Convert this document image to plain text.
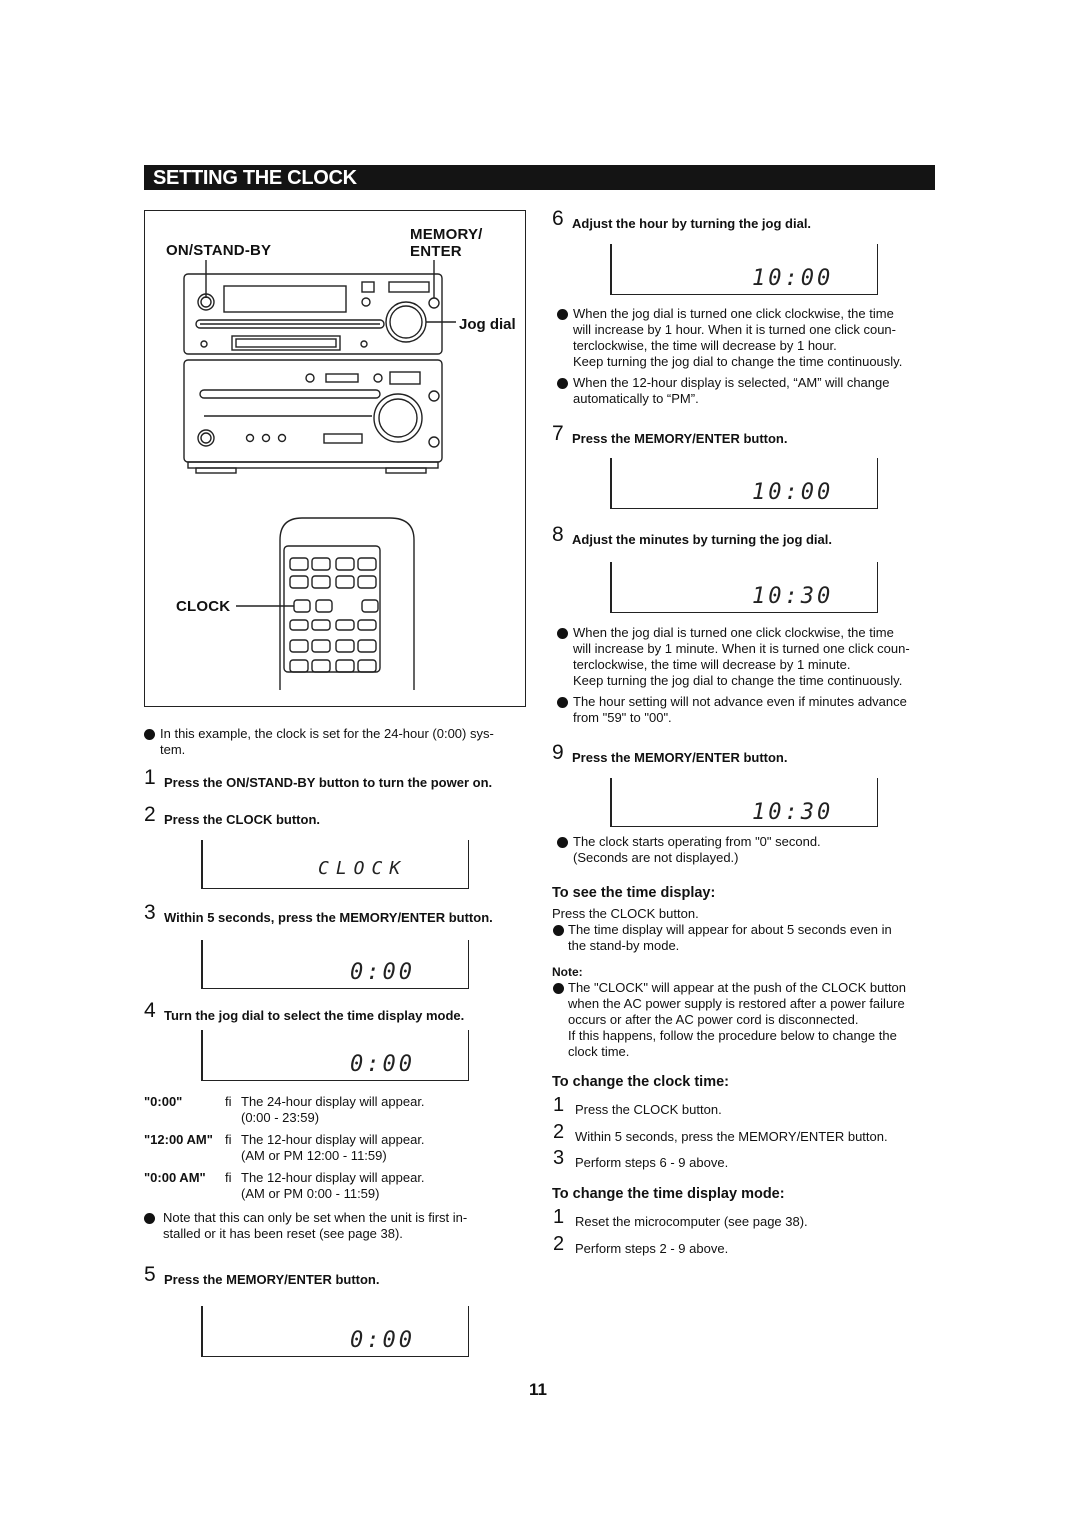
SETTING THE CLOCK
MEMORY/
ENTER
ON/STAND-BY
Jog dial
CLOCK
In this example, the clock is set for the 24-hour (0:00) sys-
tem.
1 Press the ON/STAND-BY button to turn the power on.
2 Press the CLOCK button.
CLOCK
3 Within 5 seconds, press the MEMORY/ENTER button.
0:00
4 Turn the jog dial to select the time display mode.
0:00
"0:00"	fi The 24-hour display will appear.
(0:00 - 23:59)
"12:00 AM" fi The 12-hour display will appear.
(AM or PM 12:00 - 11:59)
"0:00 AM" fi The 12-hour display will appear.
(AM or PM 0:00 - 11:59)
Note that this can only be set when the unit is first in-
stalled or it has been reset (see page 38).
5 Press the MEMORY/ENTER button.
0:00
6 Adjust the hour by turning the jog dial.
10:00
When the jog dial is turned one click clockwise, the time
will increase by 1 hour. When it is turned one click coun-
terclockwise, the time will decrease by 1 hour.
Keep turning the jog dial to change the time continuously.
When the 12-hour display is selected, “AM” will change
automatically to “PM”.
7 Press the MEMORY/ENTER button.
10:00
8 Adjust the minutes by turning the jog dial.
10:30
When the jog dial is turned one click clockwise, the time
will increase by 1 minute. When it is turned one click coun-
terclockwise, the time will decrease by 1 minute.
Keep turning the jog dial to change the time continuously.
The hour setting will not advance even if minutes advance
from "59" to "00".
9 Press the MEMORY/ENTER button.
10:30
The clock starts operating from "0" second.
(Seconds are not displayed.)
To see the time display:
Press the CLOCK button.
The time display will appear for about 5 seconds even in
the stand-by mode.
Note:
The "CLOCK" will appear at the push of the CLOCK button
when the AC power supply is restored after a power failure
occurs or after the AC power cord is disconnected.
If this happens, follow the procedure below to change the
clock time.
To change the clock time:
1 Press the CLOCK button.
2 Within 5 seconds, press the MEMORY/ENTER button.
3 Perform steps 6 - 9 above.
To change the time display mode:
1 Reset the microcomputer (see page 38).
2 Perform steps 2 - 9 above.
11
